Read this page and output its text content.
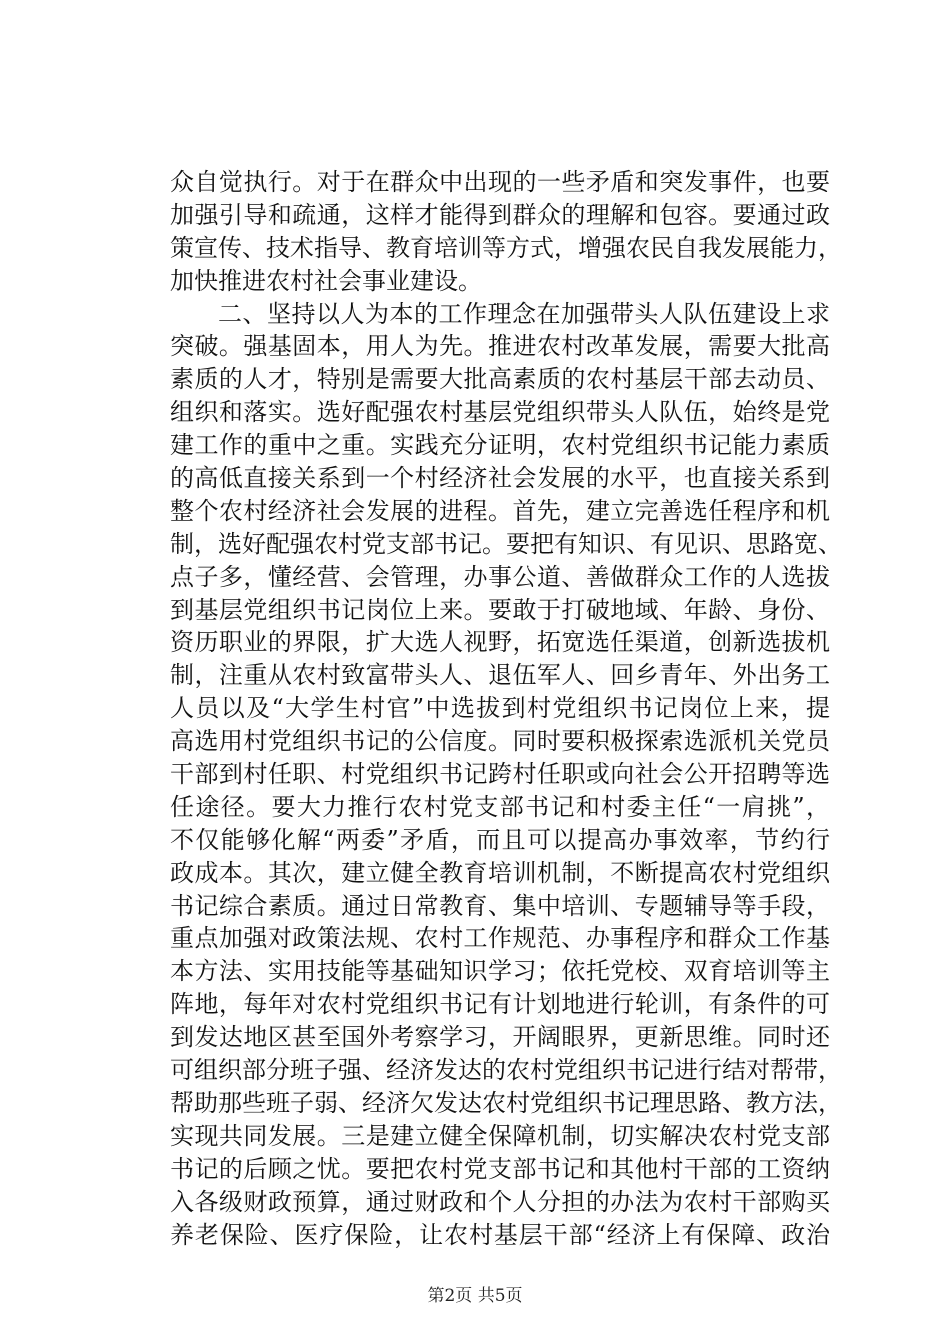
众自觉执行。对于在群众中出现的一些矛盾和突发事件，也要
加强引导和疏通，这样才能得到群众的理解和包容。要通过政
策宣传、技术指导、教育培训等方式，增强农民自我发展能力，
加快推进农村社会事业建设。
二、坚持以人为本的工作理念在加强带头人队伍建设上求
突破。强基固本，用人为先。推进农村改革发展，需要大批高
素质的人才，特别是需要大批高素质的农村基层干部去动员、
组织和落实。选好配强农村基层党组织带头人队伍，始终是党
建工作的重中之重。实践充分证明，农村党组织书记能力素质
的高低直接关系到一个村经济社会发展的水平，也直接关系到
整个农村经济社会发展的进程。首先，建立完善选任程序和机
制，选好配强农村党支部书记。要把有知识、有见识、思路宽、
点子多，懂经营、会管理，办事公道、善做群众工作的人选拔
到基层党组织书记岗位上来。要敢于打破地域、年龄、身份、
资历职业的界限，扩大选人视野，拓宽选任渠道，创新选拔机
制，注重从农村致富带头人、退伍军人、回乡青年、外出务工
人员以及“大学生村官”中选拔到村党组织书记岗位上来，提
高选用村党组织书记的公信度。同时要积极探索选派机关党员
干部到村任职、村党组织书记跨村任职或向社会公开招聘等选
任途径。要大力推行农村党支部书记和村委主任“一肩挑”，
不仅能够化解“两委”矛盾，而且可以提高办事效率，节约行
政成本。其次，建立健全教育培训机制，不断提高农村党组织
书记综合素质。通过日常教育、集中培训、专题辅导等手段，
重点加强对政策法规、农村工作规范、办事程序和群众工作基
本方法、实用技能等基础知识学习；依托党校、双育培训等主
阵地，每年对农村党组织书记有计划地进行轮训，有条件的可
到发达地区甚至国外考察学习，开阔眼界，更新思维。同时还
可组织部分班子强、经济发达的农村党组织书记进行结对帮带，
帮助那些班子弱、经济欠发达农村党组织书记理思路、教方法，
实现共同发展。三是建立健全保障机制，切实解决农村党支部
书记的后顾之忧。要把农村党支部书记和其他村干部的工资纳
入各级财政预算，通过财政和个人分担的办法为农村干部购买
养老保险、医疗保险，让农村基层干部“经济上有保障、政治
第2页 共5页
